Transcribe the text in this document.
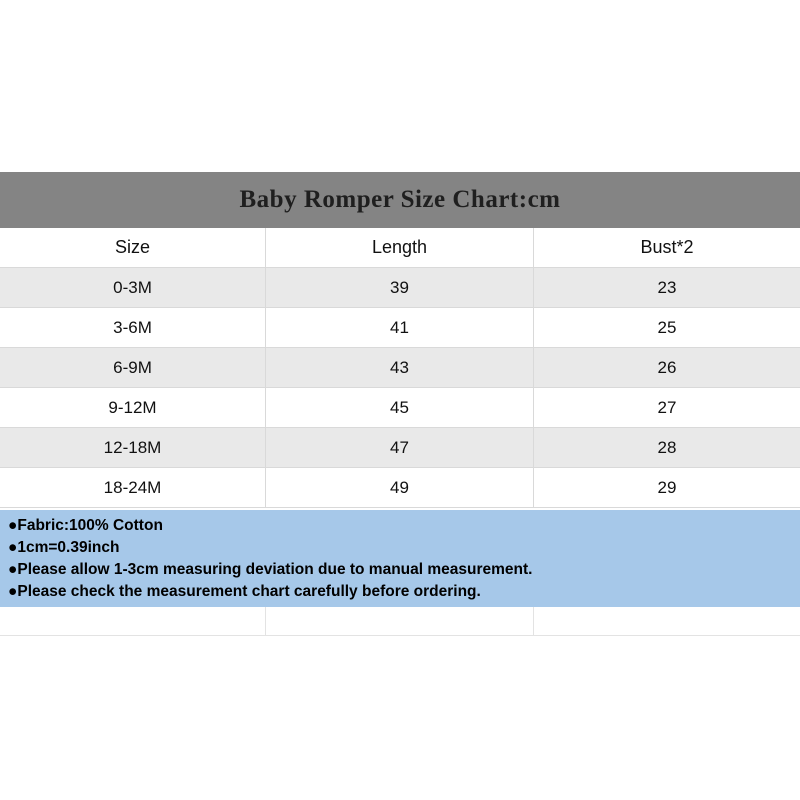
Baby Romper Size Chart:cm
Size	Length	Bust*2
0-3M	39	23
3-6M	41	25
6-9M	43	26
9-12M	45	27
12-18M	47	28
18-24M	49	29
●Fabric:100% Cotton
●1cm=0.39inch
●Please allow 1-3cm measuring deviation due to manual measurement.
●Please check the measurement chart carefully before ordering.
